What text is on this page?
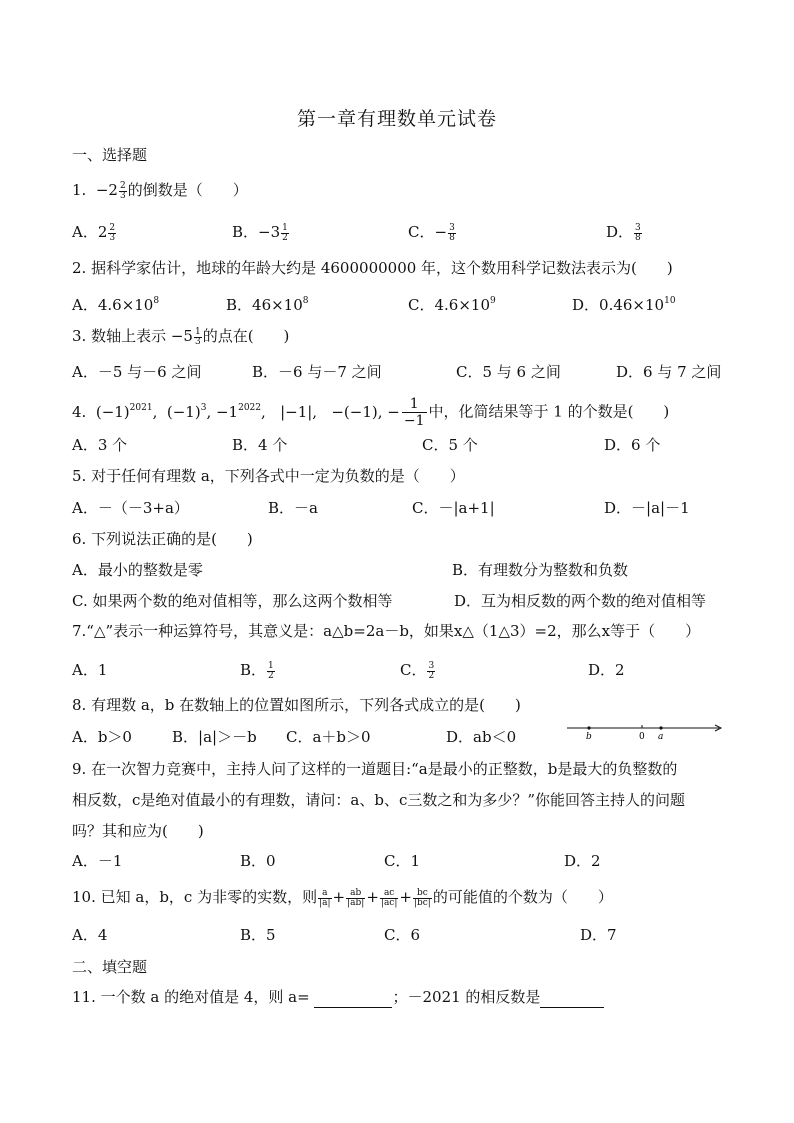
第一章有理数单元试卷
一、选择题
1.  $-2 \frac{2}{3}$ 的倒数是（　　）
A．$2 \frac{2}{3}$	B．$-3 \frac{1}{2}$	C．− $\frac{3}{8}$	D． $\frac{3}{8}$
2. 据科学家估计，地球的年龄大约是 4600000000 年，这个数用科学记数法表示为(　　)
A．$4.6\times 10^8$	B．$46\times 10^8$	C．$4.6\times 10^9$	D．$0.46\times 10^{10}$
3. 数轴上表示 $-5 \frac{1}{3}$ 的点在(　　)
A．－5 与－6 之间	B．－6 与－7 之间	C．5 与 6 之间	D．6 与 7 之间
4.  $(-1)^{2021}$,  $(-1)^3$, $-1^{2022}$,   |−1|,   −(−1), − $\frac{1}{-1}$ 中，化简结果等于 1 的个数是(　　)
A．3 个	B．4 个	C．5 个	D．6 个
5. 对于任何有理数 a，下列各式中一定为负数的是（　　）
A．－（－3+a）	B．－a	C．－|a+1|	D．－|a|－1
6. 下列说法正确的是(　　)
A．最小的整数是零	B．有理数分为整数和负数
C. 如果两个数的绝对值相等，那么这两个数相等	D．互为相反数的两个数的绝对值相等
7.“△”表示一种运算符号，其意义是：a△b=2a－b，如果x△（1△3）=2，那么x等于（　　）
A．1	B． $\frac{1}{2}$	C． $\frac{3}{2}$	D．2
8. 有理数 a，b 在数轴上的位置如图所示，下列各式成立的是(　　)
A．b＞0	B．|a|＞－b C．a＋b＞0	D．ab＜0	b	0 a
9. 在一次智力竞赛中，主持人问了这样的一道题目:“a是最小的正整数，b是最大的负整数的
相反数，c是绝对值最小的有理数，请问：a、b、c三数之和为多少？”你能回答主持人的问题
吗？其和应为(　　)
A．－1	B．0	C．1	D．2
10. 已知 a，b，c 为非零的实数，则 $\frac{a}{|a|} + \frac{ab}{|ab|} + \frac{ac}{|ac|} + \frac{bc}{|bc|}$ 的可能值的个数为（　　）
A．4	B．5	C．6	D．7
二、填空题
11. 一个数 a 的绝对值是 4，则 a=	；－2021 的相反数是
